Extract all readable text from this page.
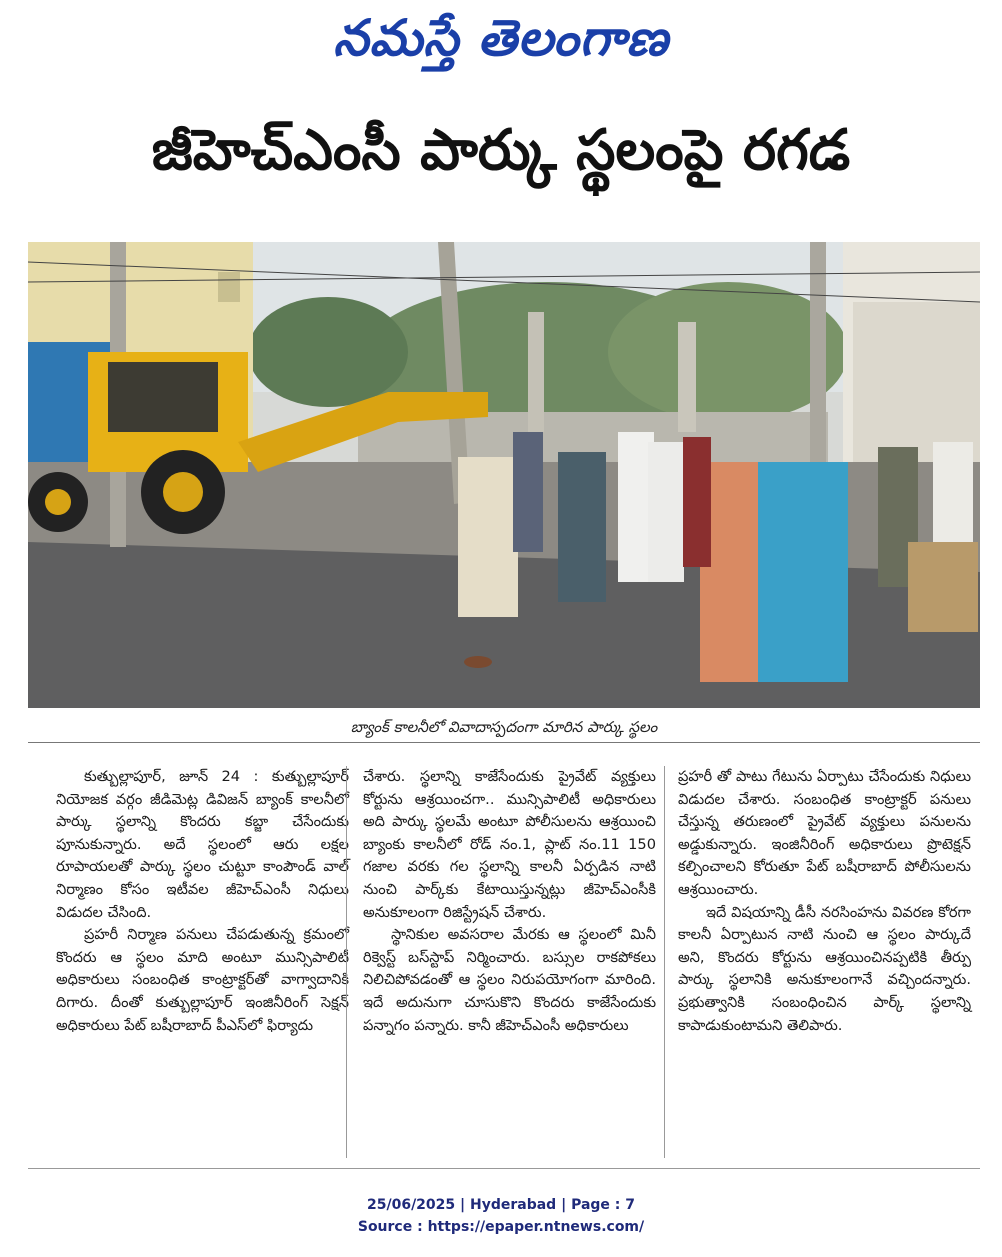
నమస్తే తెలంగాణ
జీహెచ్‌ఎంసీ పార్కు స్థలంపై రగడ
బ్యాంక్ కాలనీలో వివాదాస్పదంగా మారిన పార్కు స్థలం

కుత్బుల్లాపూర్, జూన్ 24 : కుత్బుల్లాపూర్ నియోజక వర్గం జీడిమెట్ల డివిజన్ బ్యాంక్ కాలనీలో పార్కు స్థలాన్ని కొందరు కబ్జా చేసేందుకు పూనుకున్నారు. అదే స్థలంలో ఆరు లక్షల రూపాయలతో పార్కు స్థలం చుట్టూ కాంపౌండ్ వాల్ నిర్మాణం కోసం ఇటీవల జీహెచ్‌ఎంసీ నిధులు విడుదల చేసింది.

ప్రహరీ నిర్మాణ పనులు చేపడుతున్న క్రమంలో కొందరు ఆ స్థలం మాది అంటూ మున్సిపాలిటీ అధికారులు సంబంధిత కాంట్రాక్టర్‌తో వాగ్వాదానికి దిగారు. దీంతో కుత్బుల్లాపూర్ ఇంజినీరింగ్ సెక్షన్ అధికారులు పేట్ బషీరాబాద్ పీఎస్‌లో ఫిర్యాదు

చేశారు. స్థలాన్ని కాజేసేందుకు ప్రైవేట్ వ్యక్తులు కోర్టును ఆశ్రయించగా.. మున్సిపాలిటీ అధికారులు అది పార్కు స్థలమే అంటూ పోలీసులను ఆశ్రయించి బ్యాంకు కాలనీలో రోడ్ నం.1, ప్లాట్ నం.11 150 గజాల వరకు గల స్థలాన్ని కాలనీ ఏర్పడిన నాటి నుంచి పార్క్‌కు కేటాయిస్తున్నట్లు జీహెచ్‌ఎంసీకి అనుకూలంగా రిజిస్ట్రేషన్ చేశారు.

స్థానికుల అవసరాల మేరకు ఆ స్థలంలో మినీ రిక్వెస్ట్ బస్‌స్టాప్ నిర్మించారు. బస్సుల రాకపోకలు నిలిచిపోవడంతో ఆ స్థలం నిరుపయోగంగా మారింది. ఇదే అదునుగా చూసుకొని కొందరు కాజేసేందుకు పన్నాగం పన్నారు. కానీ జీహెచ్‌ఎంసీ అధికారులు

ప్రహరీ తో పాటు గేటును ఏర్పాటు చేసేందుకు నిధులు విడుదల చేశారు. సంబంధిత కాంట్రాక్టర్ పనులు చేస్తున్న తరుణంలో ప్రైవేట్ వ్యక్తులు పనులను అడ్డుకున్నారు. ఇంజినీరింగ్ అధికారులు ప్రొటెక్షన్ కల్పించాలని కోరుతూ పేట్ బషీరాబాద్ పోలీసులను ఆశ్రయించారు.

ఇదే విషయాన్ని డీసీ నరసింహను వివరణ కోరగా కాలనీ ఏర్పాటున నాటి నుంచి ఆ స్థలం పార్కుదే అని, కొందరు కోర్టును ఆశ్రయించినప్పటికి తీర్పు పార్కు స్థలానికి అనుకూలంగానే వచ్చిందన్నారు. ప్రభుత్వానికి సంబంధించిన పార్క్ స్థలాన్ని కాపాడుకుంటామని తెలిపారు.

25/06/2025 | Hyderabad | Page : 7
Source : https://epaper.ntnews.com/
